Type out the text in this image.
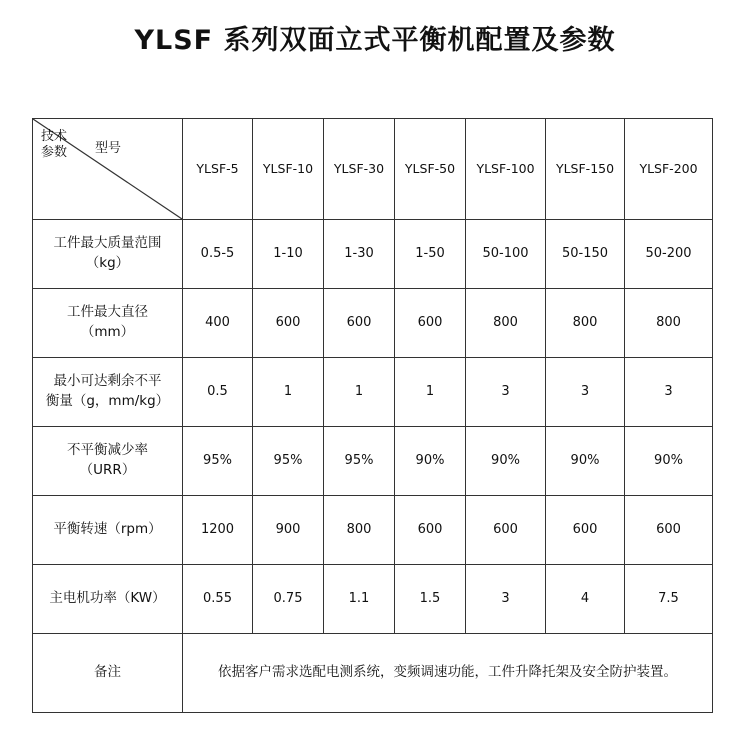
YLSF 系列双面立式平衡机配置及参数
型号
技术参数	YLSF-5	YLSF-10	YLSF-30	YLSF-50	YLSF-100	YLSF-150	YLSF-200

工件最大质量范围
（kg）	0.5-5	1-10	1-30	1-50	50-100	50-150	50-200

工件最大直径
（mm）	400	600	600	600	800	800	800

最小可达剩余不平
衡量（g，mm/kg）	0.5	1	1	1	3	3	3

不平衡减少率
（URR）	95%	95%	95%	90%	90%	90%	90%

平衡转速（rpm）	1200	900	800	600	600	600	600

主电机功率（KW）	0.55	0.75	1.1	1.5	3	4	7.5
备注	依据客户需求选配电测系统，变频调速功能，工件升降托架及安全防护装置。						
